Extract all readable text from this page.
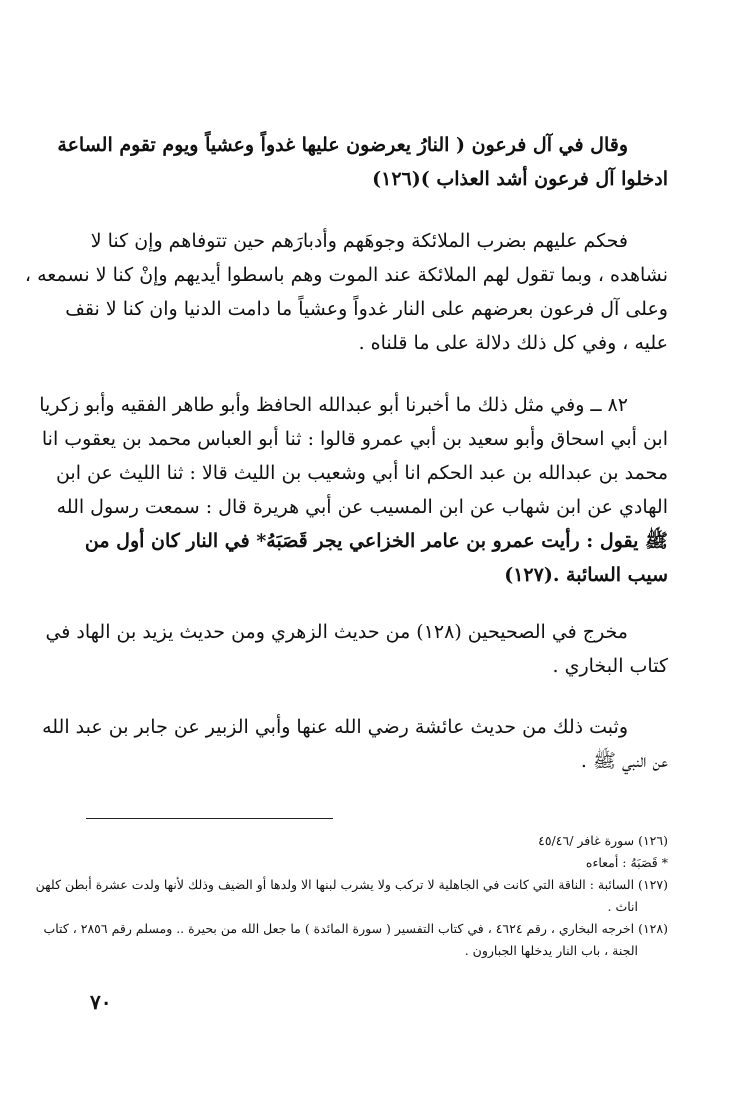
وقال في آل فرعون ( النارُ يعرضون عليها غدواً وعشياً ويوم تقوم الساعة
ادخلوا آل فرعون أشد العذاب )(١٢٦)
فحكم عليهم بضرب الملائكة وجوهَهم وأدبارَهم حين تتوفاهم وإن كنا لا
نشاهده ، وبما تقول لهم الملائكة عند الموت وهم باسطوا أيديهم وإنْ كنا لا نسمعه ،
وعلى آل فرعون بعرضهم على النار غدواً وعشياً ما دامت الدنيا وان كنا لا نقف
عليه ، وفي كل ذلك دلالة على ما قلناه .
٨٢ ــ وفي مثل ذلك ما أخبرنا أبو عبدالله الحافظ وأبو طاهر الفقيه وأبو زكريا
ابن أبي اسحاق وأبو سعيد بن أبي عمرو قالوا : ثنا أبو العباس محمد بن يعقوب انا
محمد بن عبدالله بن عبد الحكم انا أبي وشعيب بن الليث قالا : ثنا الليث عن ابن
الهادي عن ابن شهاب عن ابن المسيب عن أبي هريرة قال : سمعت رسول الله
ﷺ يقول : رأيت عمرو بن عامر الخزاعي يجر قَصَبَهُ* في النار كان أول من
سيب السائبة .(١٢٧)
مخرج في الصحيحين (١٢٨) من حديث الزهري ومن حديث يزيد بن الهاد في
كتاب البخاري .
وثبت ذلك من حديث عائشة رضي الله عنها وأبي الزبير عن جابر بن عبد الله
عن النبي ﷺ .
(١٢٦) سورة غافر /٤٥/٤٦
* قَصَبَهُ : أمعاءه
(١٢٧) السائبة : الناقة التي كانت في الجاهلية لا تركب ولا يشرب لبنها الا ولدها أو الضيف وذلك لأنها ولدت عشرة أبطن كلهن
اناث .
(١٢٨) اخرجه البخاري ، رقم ٤٦٢٤ ، في كتاب التفسير ( سورة المائدة ) ما جعل الله من بحيرة .. ومسلم رقم ٢٨٥٦ ، كتاب
الجنة ، باب النار يدخلها الجبارون .
٧٠
